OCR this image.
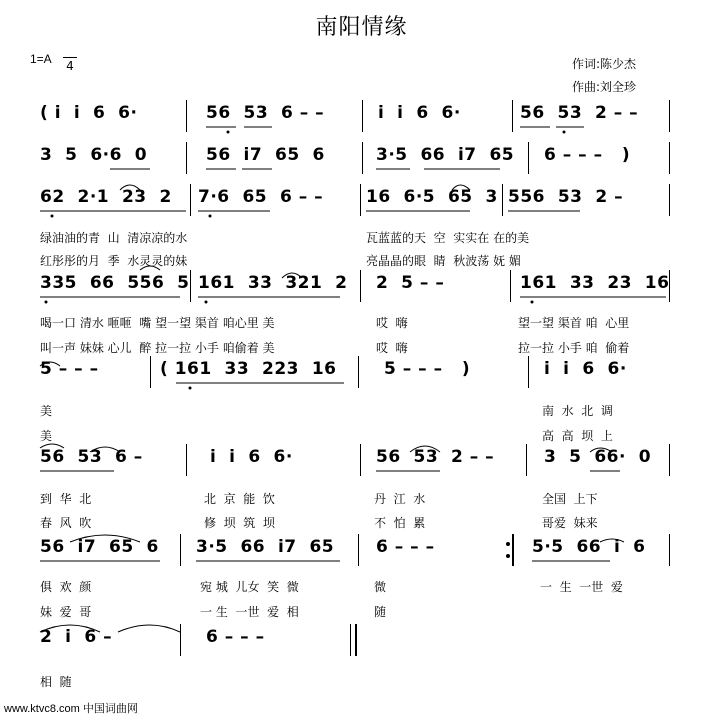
南阳情缘
1=A 4	作词:陈少杰
作曲:刘全珍
( i  i  6  6·	56  53  6 – –	i  i  6  6·	56  53  2 – –
3  5  6·6  0	56  i7  65  6	3·5  66  i7  65 6 – – –   )
62  2·1  23  2 7·6  65  6 – –	16  6·5  65  3 556  53  2 –
绿油油的青  山  清凉凉的水	瓦蓝蓝的天  空  实实在 在的美
红彤彤的月  季  水灵灵的妹	亮晶晶的眼  睛  秋波荡 妩 媚
335  66  556  5 161  33  321  2 2  5 – –	161  33  23  16
喝一口 清水 咂咂  嘴 望一望 渠首 咱心里 美	哎  嗨	望一望 渠首 咱  心里
叫一声 妹妹 心儿  醉 拉一拉 小手 咱偷着 美	哎  嗨	拉一拉 小手 咱  偷着
5 – – –	( 161  33  223  16	5 – – –   )	i  i  6  6·
美	南  水  北  调
美	高  高  坝  上
56  53  6 –	i  i  6  6·	56  53  2 – –	3  5  66·  0
到  华  北	北  京  能  饮	丹  江  水	全国  上下
春  风  吹	修  坝  筑  坝	不  怕  累	哥爱  妹来
56  i7  65  6 3·5  66  i7  65 6 – – –	5·5  66  i  6
俱  欢  颜	宛 城  儿女  笑  微	微	一  生  一世  爱
妹  爱  哥	一 生  一世  爱  相	随
2  i  6 –	6 – – –
相  随
www.ktvc8.com 中国词曲网
